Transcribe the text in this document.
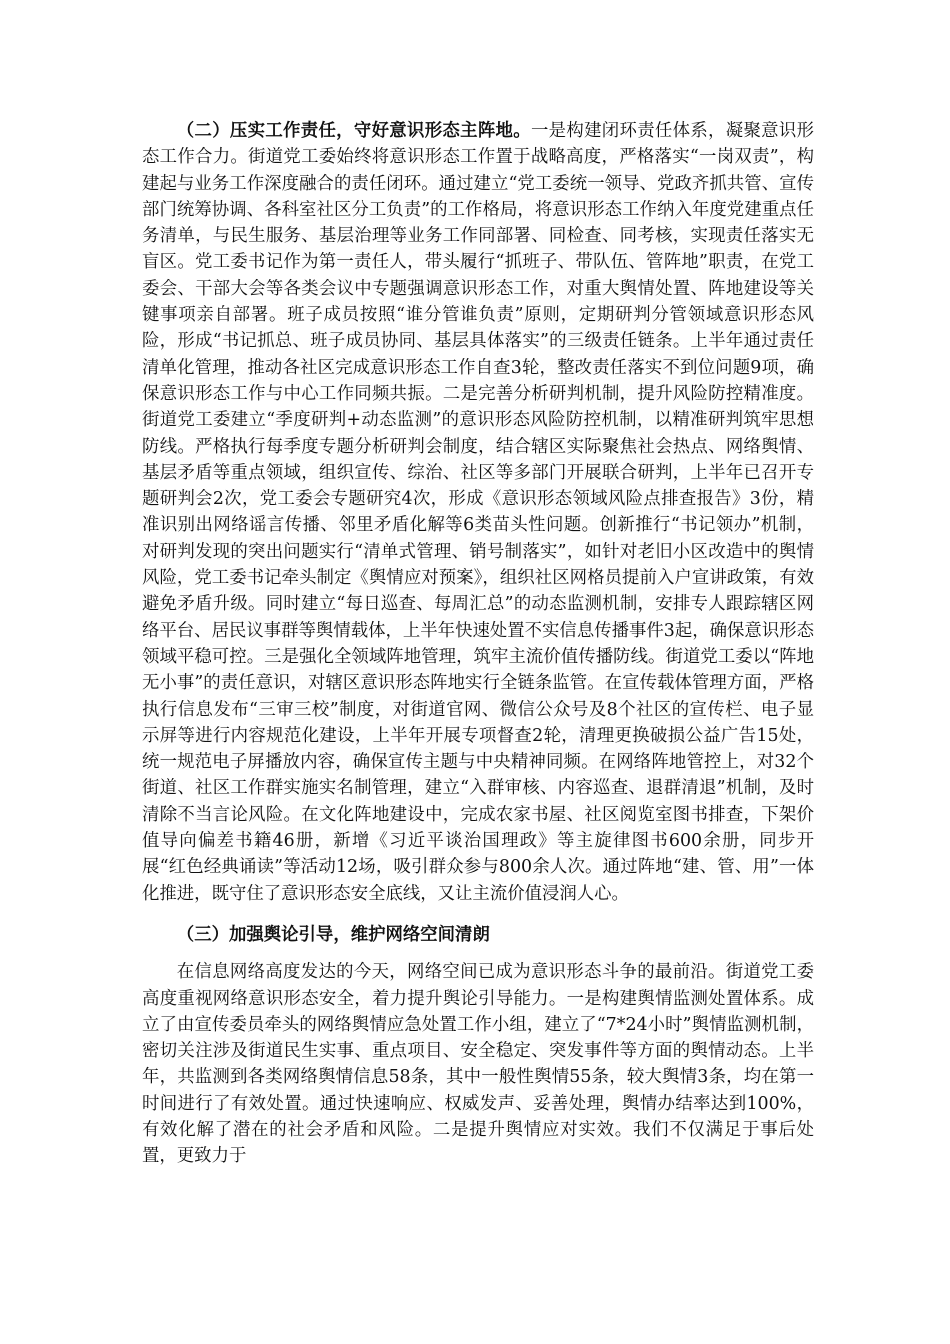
（二）压实工作责任，守好意识形态主阵地。一是构建闭环责任体系，凝聚意识形态工作合力。街道党工委始终将意识形态工作置于战略高度，严格落实“一岗双责”，构建起与业务工作深度融合的责任闭环。通过建立“党工委统一领导、党政齐抓共管、宣传部门统筹协调、各科室社区分工负责”的工作格局，将意识形态工作纳入年度党建重点任务清单，与民生服务、基层治理等业务工作同部署、同检查、同考核，实现责任落实无盲区。党工委书记作为第一责任人，带头履行“抓班子、带队伍、管阵地”职责，在党工委会、干部大会等各类会议中专题强调意识形态工作，对重大舆情处置、阵地建设等关键事项亲自部署。班子成员按照“谁分管谁负责”原则，定期研判分管领域意识形态风险，形成“书记抓总、班子成员协同、基层具体落实”的三级责任链条。上半年通过责任清单化管理，推动各社区完成意识形态工作自查3轮，整改责任落实不到位问题9项，确保意识形态工作与中心工作同频共振。二是完善分析研判机制，提升风险防控精准度。街道党工委建立“季度研判+动态监测”的意识形态风险防控机制，以精准研判筑牢思想防线。严格执行每季度专题分析研判会制度，结合辖区实际聚焦社会热点、网络舆情、基层矛盾等重点领域，组织宣传、综治、社区等多部门开展联合研判，上半年已召开专题研判会2次，党工委会专题研究4次，形成《意识形态领域风险点排查报告》3份，精准识别出网络谣言传播、邻里矛盾化解等6类苗头性问题。创新推行“书记领办”机制，对研判发现的突出问题实行“清单式管理、销号制落实”，如针对老旧小区改造中的舆情风险，党工委书记牵头制定《舆情应对预案》，组织社区网格员提前入户宣讲政策，有效避免矛盾升级。同时建立“每日巡查、每周汇总”的动态监测机制，安排专人跟踪辖区网络平台、居民议事群等舆情载体，上半年快速处置不实信息传播事件3起，确保意识形态领域平稳可控。三是强化全领域阵地管理，筑牢主流价值传播防线。街道党工委以“阵地无小事”的责任意识，对辖区意识形态阵地实行全链条监管。在宣传载体管理方面，严格执行信息发布“三审三校”制度，对街道官网、微信公众号及8个社区的宣传栏、电子显示屏等进行内容规范化建设，上半年开展专项督查2轮，清理更换破损公益广告15处，统一规范电子屏播放内容，确保宣传主题与中央精神同频。在网络阵地管控上，对32个街道、社区工作群实施实名制管理，建立“入群审核、内容巡查、退群清退”机制，及时清除不当言论风险。在文化阵地建设中，完成农家书屋、社区阅览室图书排查，下架价值导向偏差书籍46册，新增《习近平谈治国理政》等主旋律图书600余册，同步开展“红色经典诵读”等活动12场，吸引群众参与800余人次。通过阵地“建、管、用”一体化推进，既守住了意识形态安全底线，又让主流价值浸润人心。

（三）加强舆论引导，维护网络空间清朗

在信息网络高度发达的今天，网络空间已成为意识形态斗争的最前沿。街道党工委高度重视网络意识形态安全，着力提升舆论引导能力。一是构建舆情监测处置体系。成立了由宣传委员牵头的网络舆情应急处置工作小组，建立了“7*24小时”舆情监测机制，密切关注涉及街道民生实事、重点项目、安全稳定、突发事件等方面的舆情动态。上半年，共监测到各类网络舆情信息58条，其中一般性舆情55条，较大舆情3条，均在第一时间进行了有效处置。通过快速响应、权威发声、妥善处理，舆情办结率达到100%，有效化解了潜在的社会矛盾和风险。二是提升舆情应对实效。我们不仅满足于事后处置，更致力于
